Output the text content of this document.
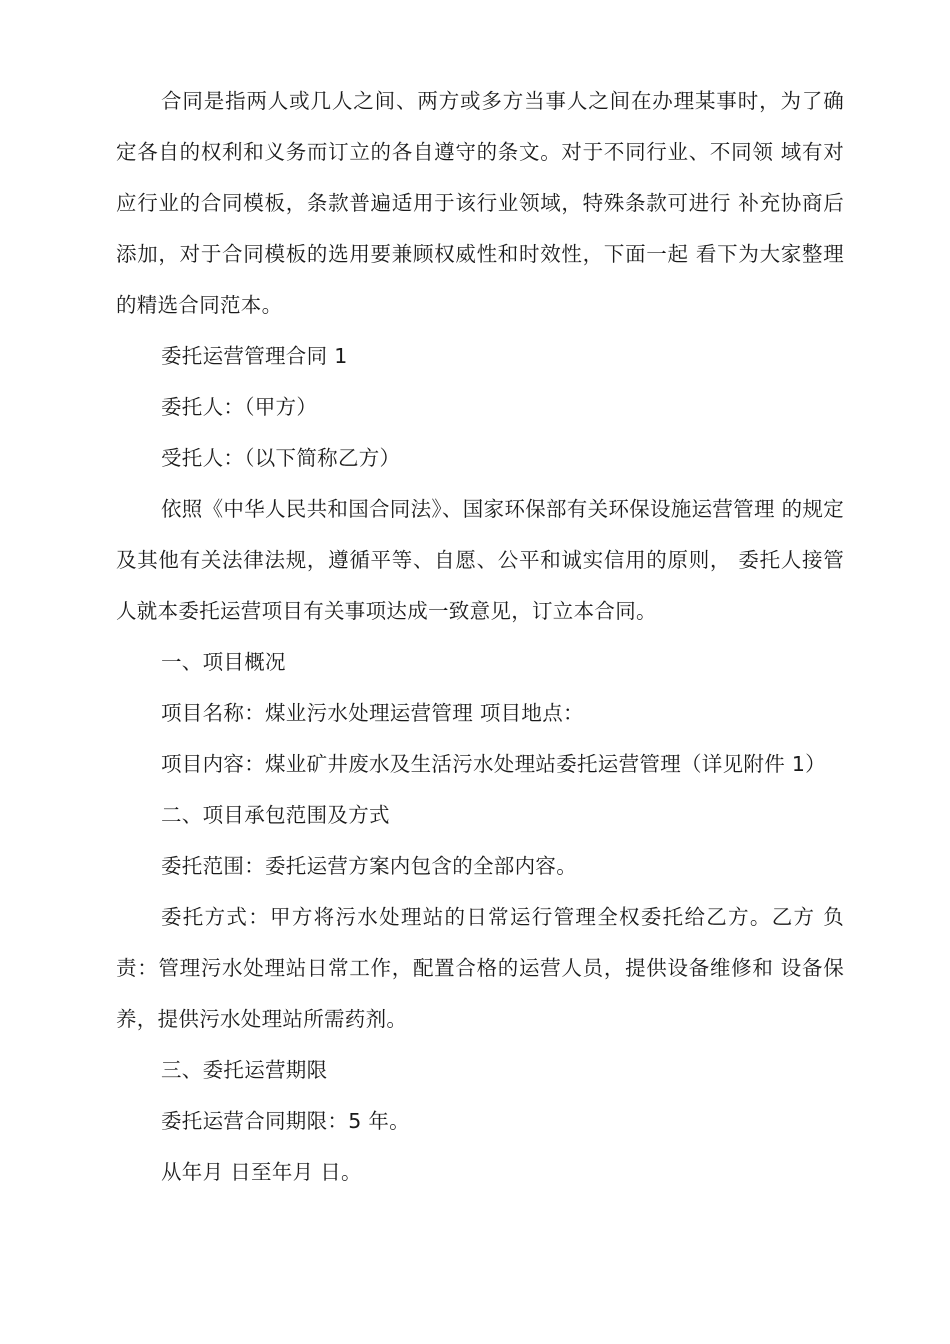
合同是指两人或几人之间、两方或多方当事人之间在办理某事时，为了确定各自的权利和义务而订立的各自遵守的条文。对于不同行业、不同领 域有对应行业的合同模板，条款普遍适用于该行业领域，特殊条款可进行 补充协商后添加，对于合同模板的选用要兼顾权威性和时效性，下面一起 看下为大家整理的精选合同范本。

委托运营管理合同 1

委托人：（甲方）

受托人：（以下简称乙方）

依照《中华人民共和国合同法》、国家环保部有关环保设施运营管理 的规定及其他有关法律法规，遵循平等、自愿、公平和诚实信用的原则， 委托人接管人就本委托运营项目有关事项达成一致意见，订立本合同。

一、项目概况

项目名称：煤业污水处理运营管理 项目地点：

项目内容：煤业矿井废水及生活污水处理站委托运营管理（详见附件 1）

二、项目承包范围及方式

委托范围：委托运营方案内包含的全部内容。

委托方式：甲方将污水处理站的日常运行管理全权委托给乙方。乙方 负责：管理污水处理站日常工作，配置合格的运营人员，提供设备维修和 设备保养，提供污水处理站所需药剂。

三、委托运营期限

委托运营合同期限：5 年。

从年月 日至年月 日。
